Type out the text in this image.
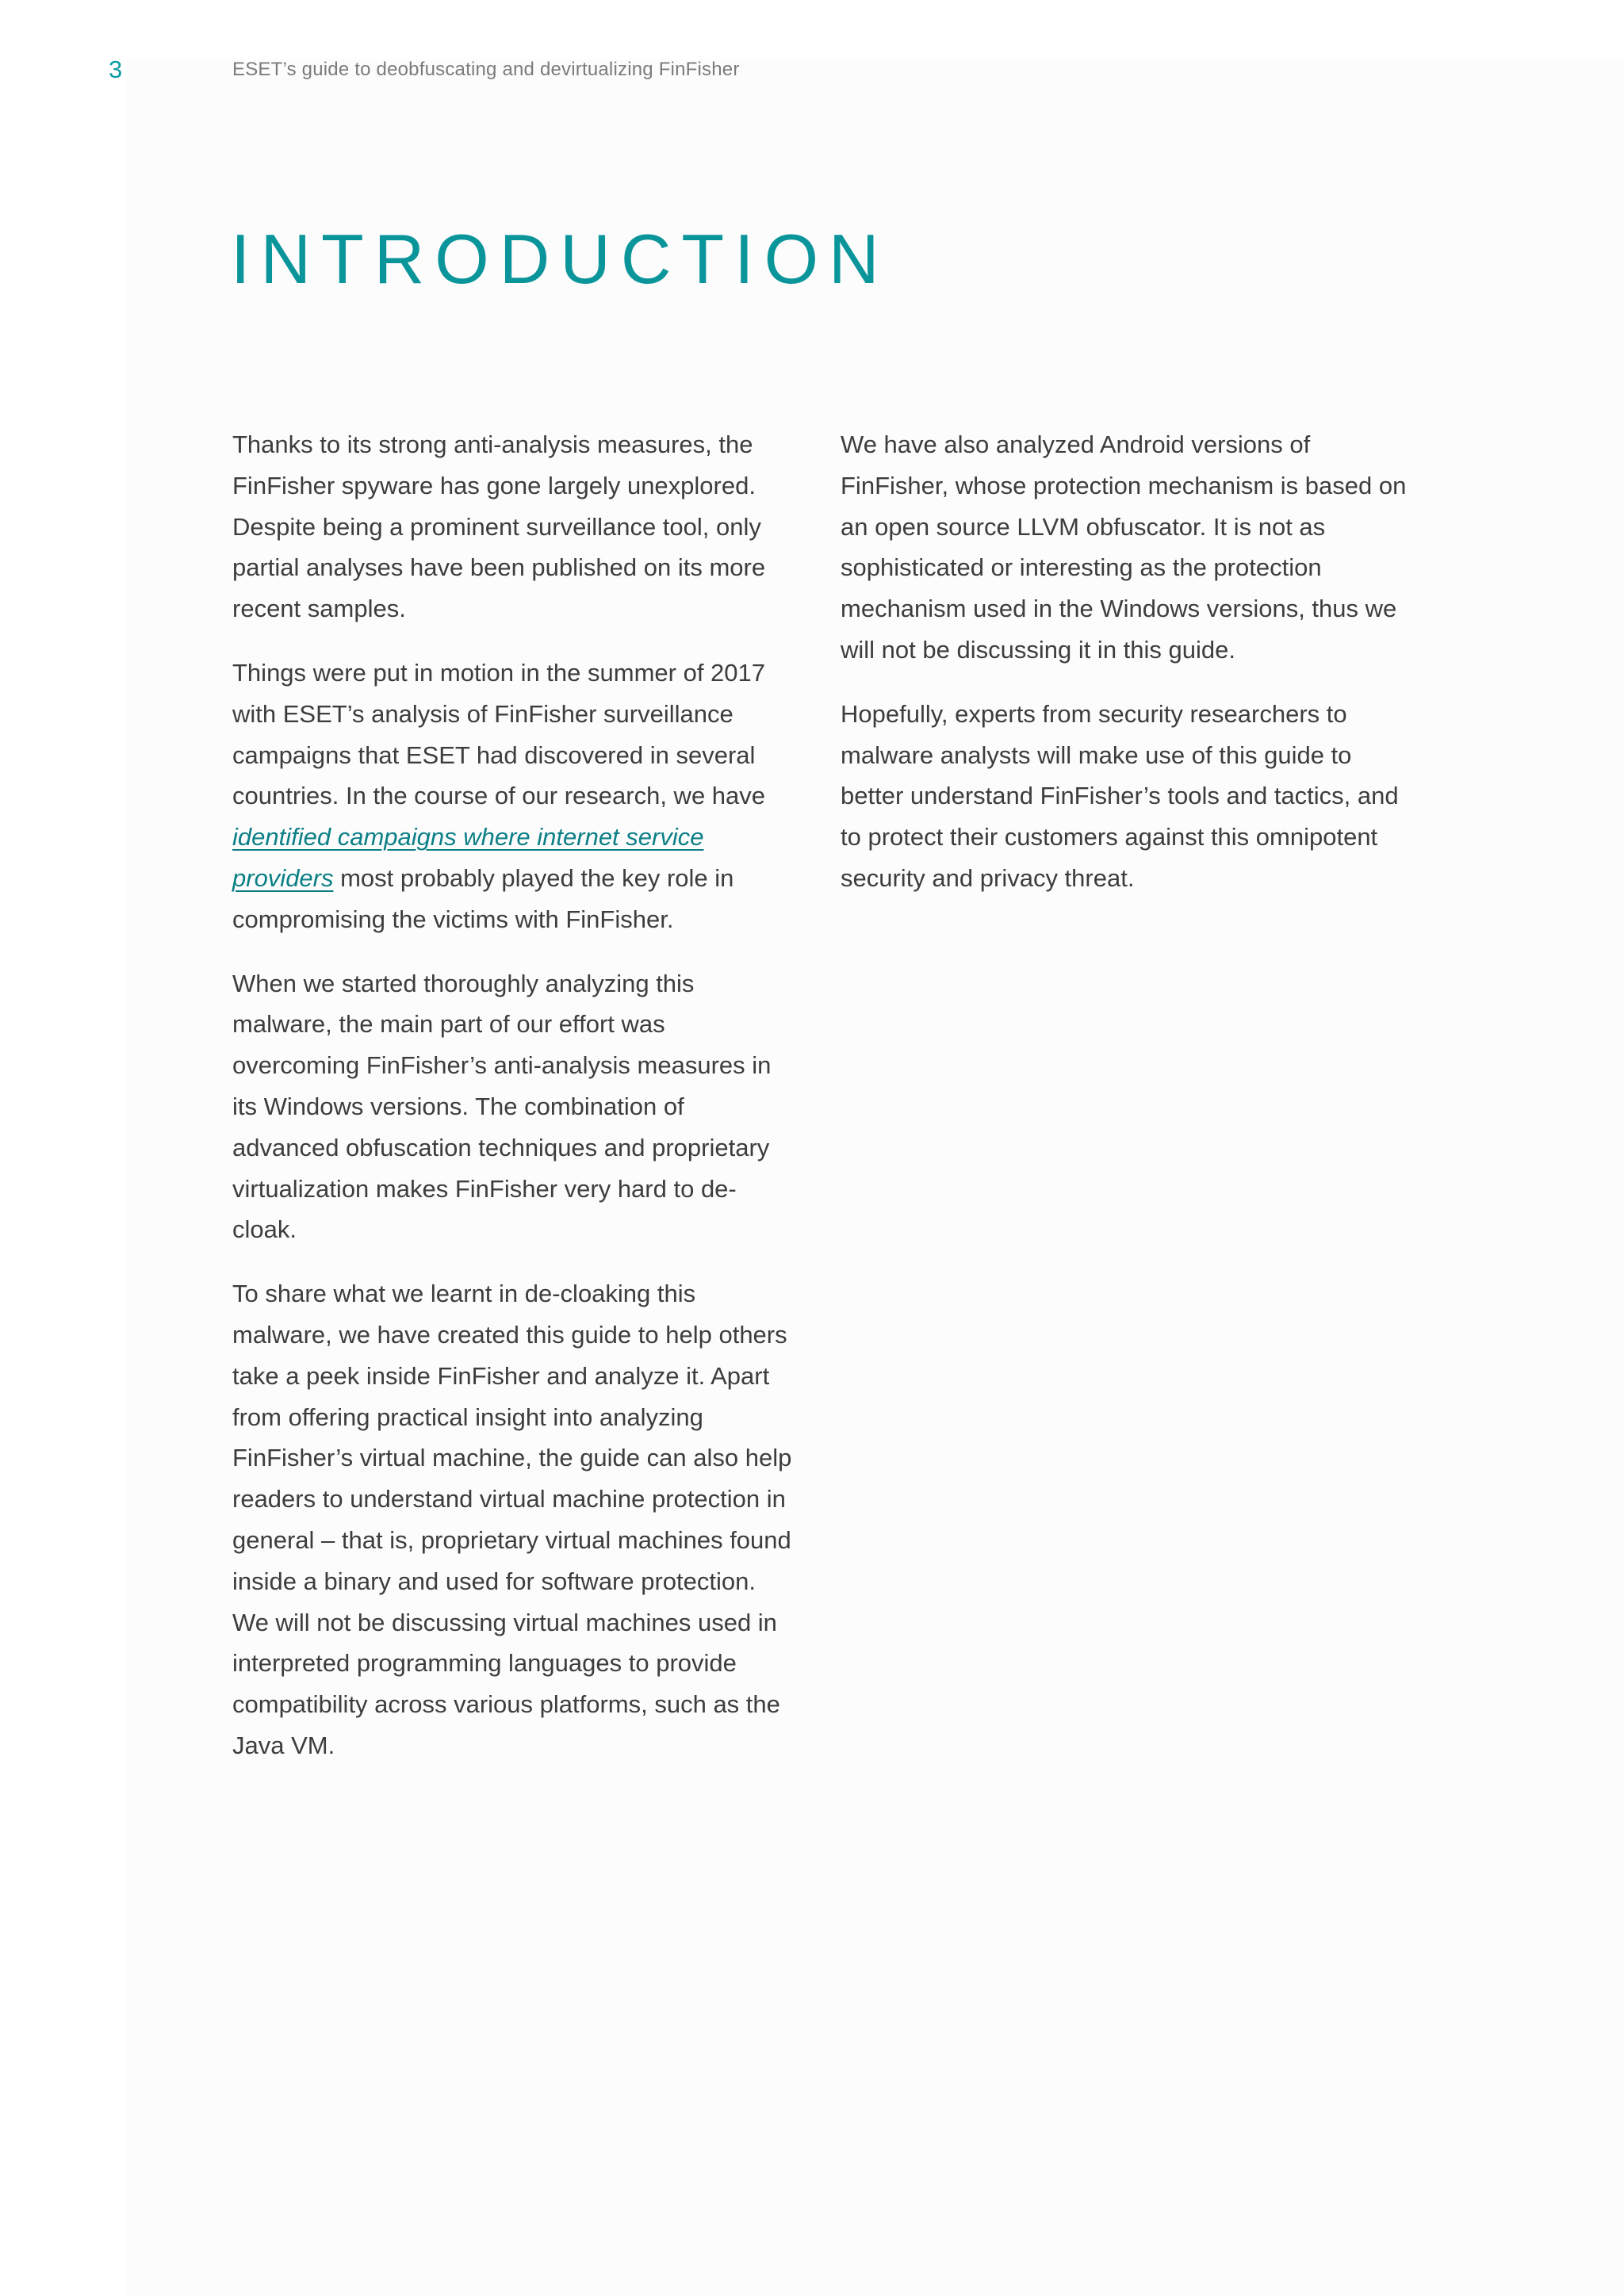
3	ESET’s guide to deobfuscating and devirtualizing FinFisher
INTRODUCTION

Thanks to its strong anti-analysis measures, the FinFisher spyware has gone largely unexplored. Despite being a prominent surveillance tool, only partial analyses have been published on its more recent samples.

Things were put in motion in the summer of 2017 with ESET’s analysis of FinFisher surveillance campaigns that ESET had discovered in several countries. In the course of our research, we have identified campaigns where internet service providers most probably played the key role in compromising the victims with FinFisher.

When we started thoroughly analyzing this malware, the main part of our effort was overcoming FinFisher’s anti-analysis measures in its Windows versions. The combination of advanced obfuscation techniques and proprietary virtualization makes FinFisher very hard to de-cloak.

To share what we learnt in de-cloaking this malware, we have created this guide to help others take a peek inside FinFisher and analyze it. Apart from offering practical insight into analyzing FinFisher’s virtual machine, the guide can also help readers to understand virtual machine protection in general – that is, proprietary virtual machines found inside a binary and used for software protection. We will not be discussing virtual machines used in interpreted programming languages to provide compatibility across various platforms, such as the Java VM.

We have also analyzed Android versions of FinFisher, whose protection mechanism is based on an open source LLVM obfuscator. It is not as sophisticated or interesting as the protection mechanism used in the Windows versions, thus we will not be discussing it in this guide.

Hopefully, experts from security researchers to malware analysts will make use of this guide to better understand FinFisher’s tools and tactics, and to protect their customers against this omnipotent security and privacy threat.
